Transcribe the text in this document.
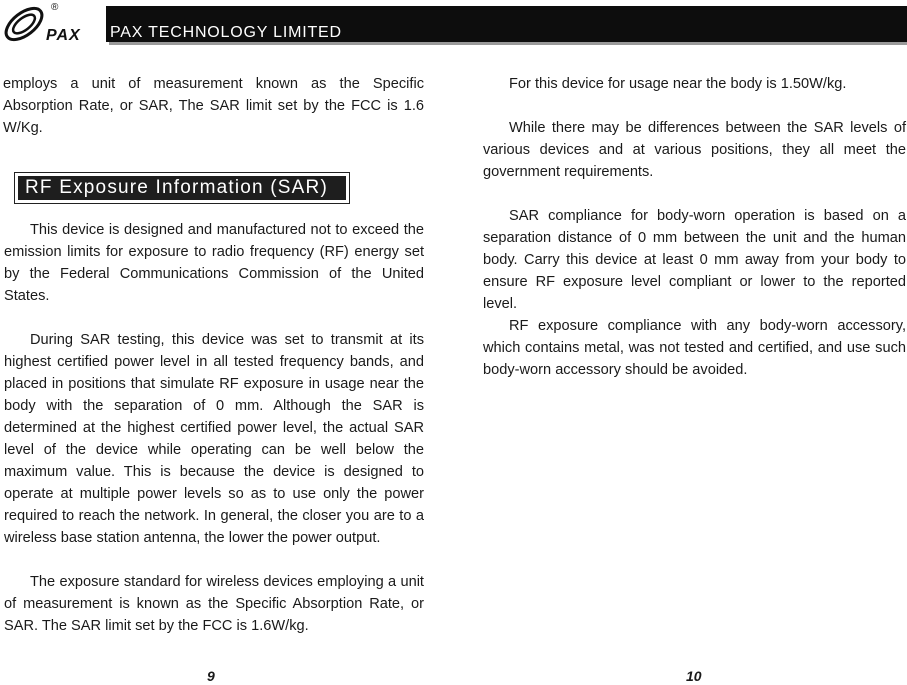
®
PAX PAX TECHNOLOGY LIMITED

employs a unit of measurement known as the Specific Absorption Rate, or SAR, The SAR limit set by the FCC is 1.6 W/Kg.

RF Exposure Information (SAR)

This device is designed and manufactured not to exceed the emission limits for exposure to radio frequency (RF) energy set by the Federal Communications Commission of the United States.

During SAR testing, this device was set to transmit at its highest certified power level in all tested frequency bands, and placed in positions that simulate RF exposure in usage near the body with the separation of 0 mm. Although the SAR is determined at the highest certified power level, the actual SAR level of the device while operating can be well below the maximum value. This is because the device is designed to operate at multiple power levels so as to use only the power required to reach the network. In general, the closer you are to a wireless base station antenna, the lower the power output.

The exposure standard for wireless devices employing a unit of measurement is known as the Specific Absorption Rate, or SAR. The SAR limit set by the FCC is 1.6W/kg.

For this device for usage near the body is 1.50W/kg.

While there may be differences between the SAR levels of various devices and at various positions, they all meet the government requirements.

SAR compliance for body-worn operation is based on a separation distance of 0 mm between the unit and the human body. Carry this device at least 0 mm away from your body to ensure RF exposure level compliant or lower to the reported level.

RF exposure compliance with any body-worn accessory, which contains metal, was not tested and certified, and use such body-worn accessory should be avoided.

9	10
